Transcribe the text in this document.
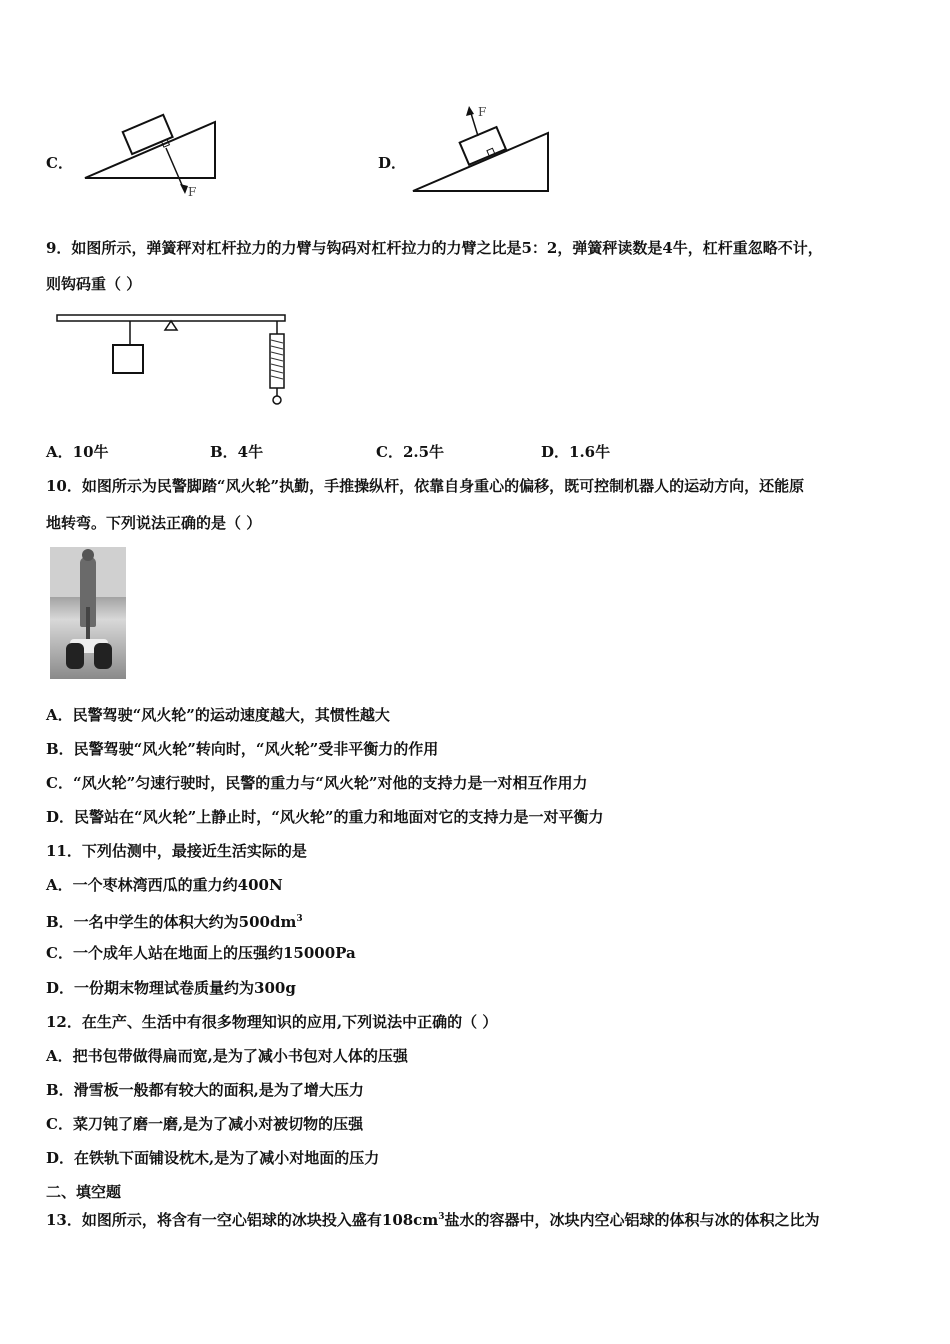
C．
F
D．
F
9．如图所示，弹簧秤对杠杆拉力的力臂与钩码对杠杆拉力的力臂之比是5：2，弹簧秤读数是4牛，杠杆重忽略不计，
则钩码重（ ）
A．10牛	B．4牛	C．2.5牛	D．1.6牛
10．如图所示为民警脚踏“风火轮”执勤，手推操纵杆，依靠自身重心的偏移，既可控制机器人的运动方向，还能原
地转弯。下列说法正确的是（ ）
A．民警驾驶“风火轮”的运动速度越大，其惯性越大
B．民警驾驶“风火轮”转向时，“风火轮”受非平衡力的作用
C．“风火轮”匀速行驶时，民警的重力与“风火轮”对他的支持力是一对相互作用力
D．民警站在“风火轮”上静止时，“风火轮”的重力和地面对它的支持力是一对平衡力
11．下列估测中，最接近生活实际的是
A．一个枣林湾西瓜的重力约400N
B．一名中学生的体积大约为$500dm^3$
C．一个成年人站在地面上的压强约15000Pa
D．一份期末物理试卷质量约为300g
12．在生产、生活中有很多物理知识的应用,下列说法中正确的（ ）
A．把书包带做得扁而宽,是为了减小书包对人体的压强
B．滑雪板一般都有较大的面积,是为了增大压力
C．菜刀钝了磨一磨,是为了减小对被切物的压强
D．在铁轨下面铺设枕木,是为了减小对地面的压力
二、填空题
13．如图所示，将含有一空心铝球的冰块投入盛有$108cm^3$盐水的容器中，冰块内空心铝球的体积与冰的体积之比为
